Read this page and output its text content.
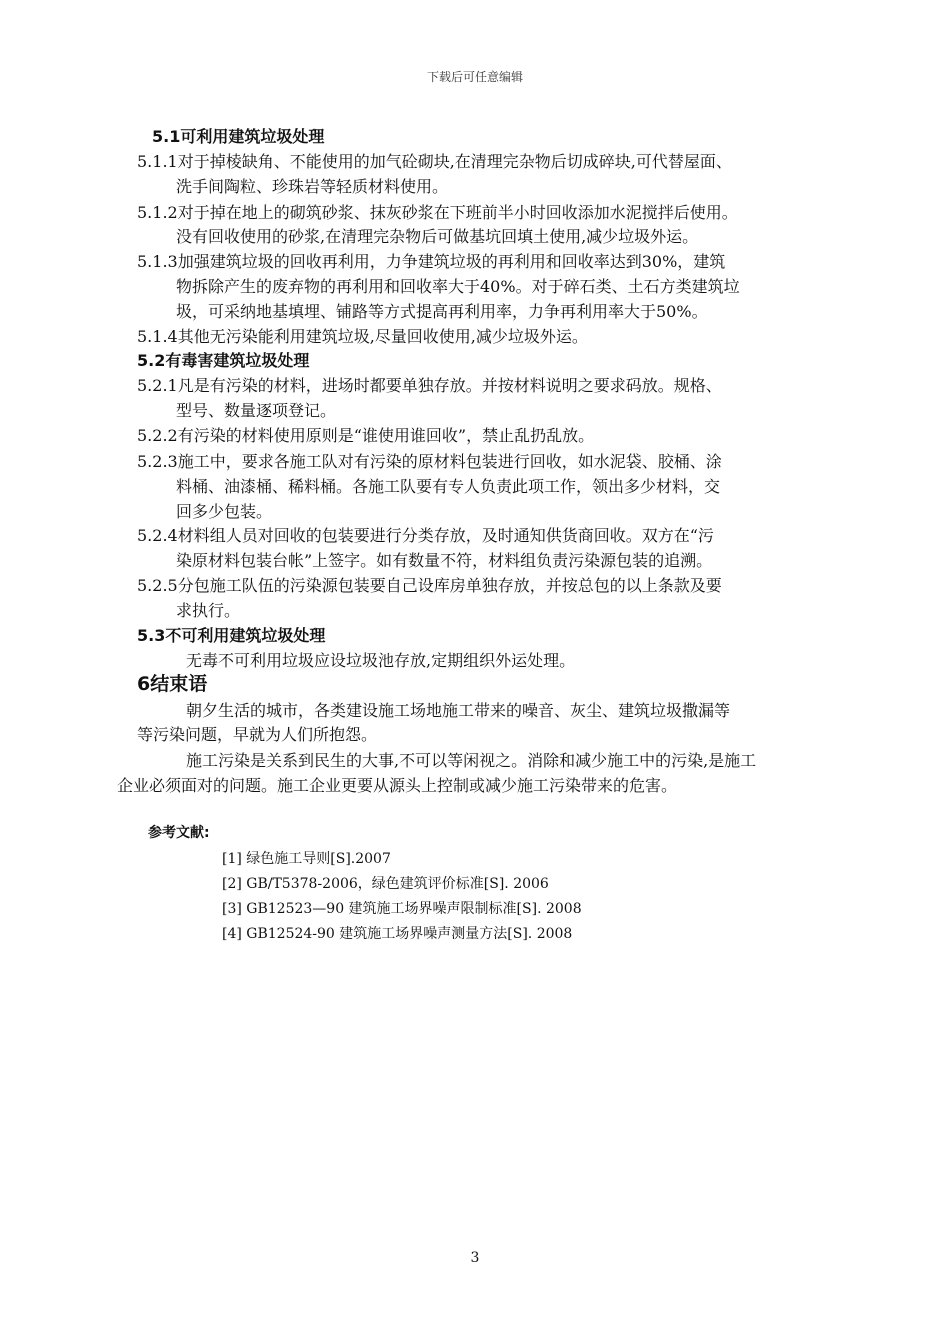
下载后可任意编辑
5.1可利用建筑垃圾处理
5.1.1对于掉棱缺角、不能使用的加气砼砌块,在清理完杂物后切成碎块,可代替屋面、
洗手间陶粒、珍珠岩等轻质材料使用。
5.1.2对于掉在地上的砌筑砂浆、抹灰砂浆在下班前半小时回收添加水泥搅拌后使用。
没有回收使用的砂浆,在清理完杂物后可做基坑回填土使用,减少垃圾外运。
5.1.3加强建筑垃圾的回收再利用，力争建筑垃圾的再利用和回收率达到30%，建筑
物拆除产生的废弃物的再利用和回收率大于40%。对于碎石类、土石方类建筑垃
圾，可采纳地基填埋、铺路等方式提高再利用率，力争再利用率大于50%。
5.1.4其他无污染能利用建筑垃圾,尽量回收使用,减少垃圾外运。
5.2有毒害建筑垃圾处理
5.2.1凡是有污染的材料，进场时都要单独存放。并按材料说明之要求码放。规格、
型号、数量逐项登记。
5.2.2有污染的材料使用原则是“谁使用谁回收”，禁止乱扔乱放。
5.2.3施工中，要求各施工队对有污染的原材料包装进行回收，如水泥袋、胶桶、涂
料桶、油漆桶、稀料桶。各施工队要有专人负责此项工作，领出多少材料，交
回多少包装。
5.2.4材料组人员对回收的包装要进行分类存放，及时通知供货商回收。双方在“污
染原材料包装台帐”上签字。如有数量不符，材料组负责污染源包装的追溯。
5.2.5分包施工队伍的污染源包装要自己设库房单独存放，并按总包的以上条款及要
求执行。
5.3不可利用建筑垃圾处理
无毒不可利用垃圾应设垃圾池存放,定期组织外运处理。
6结束语
朝夕生活的城市，各类建设施工场地施工带来的噪音、灰尘、建筑垃圾撒漏等
等污染问题，早就为人们所抱怨。
施工污染是关系到民生的大事,不可以等闲视之。消除和减少施工中的污染,是施工
企业必须面对的问题。施工企业更要从源头上控制或减少施工污染带来的危害。
参考文献:
[1] 绿色施工导则[S].2007
[2] GB/T5378-2006，绿色建筑评价标准[S]. 2006
[3] GB12523—90 建筑施工场界噪声限制标准[S]. 2008
[4] GB12524-90 建筑施工场界噪声测量方法[S]. 2008
3
